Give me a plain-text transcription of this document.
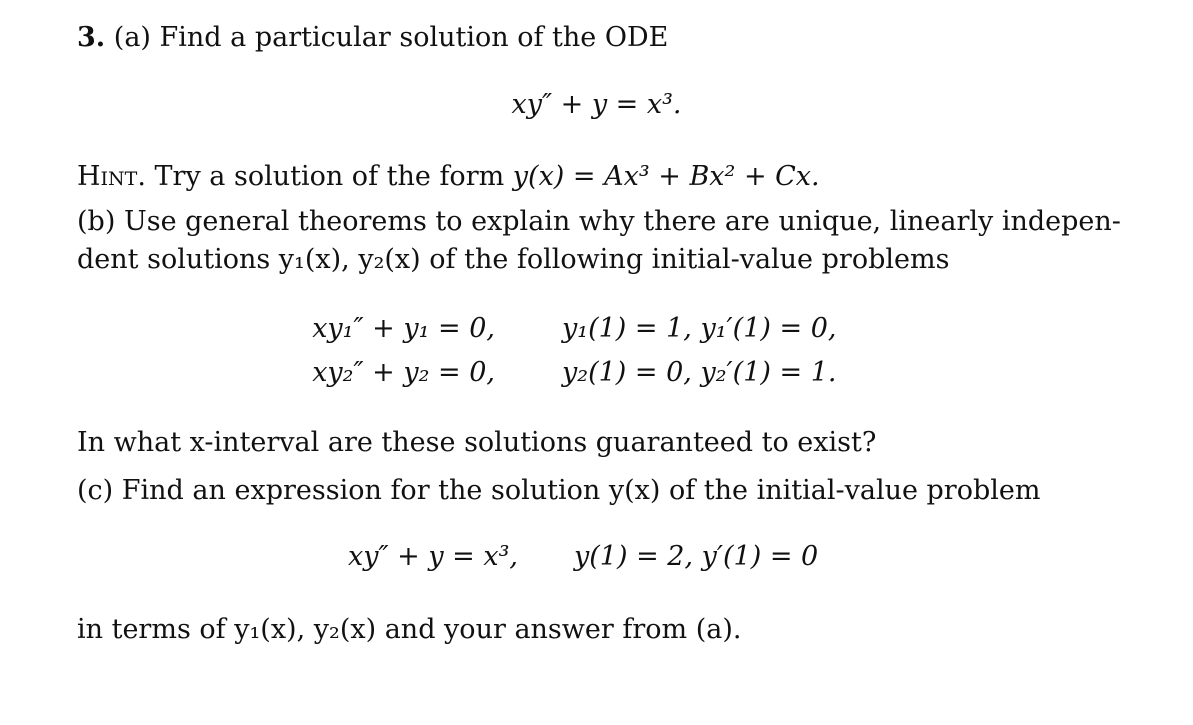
3. (a) Find a particular solution of the ODE
xy″ + y = x³.
Hint. Try a solution of the form y(x) = Ax³ + Bx² + Cx.
(b) Use general theorems to explain why there are unique, linearly indepen-
dent solutions y₁(x), y₂(x) of the following initial-value problems
xy₁″ + y₁ = 0, y₁(1) = 1, y₁′(1) = 0,
xy₂″ + y₂ = 0, y₂(1) = 0, y₂′(1) = 1.
In what x-interval are these solutions guaranteed to exist?
(c) Find an expression for the solution y(x) of the initial-value problem
xy″ + y = x³, y(1) = 2, y′(1) = 0
in terms of y₁(x), y₂(x) and your answer from (a).
